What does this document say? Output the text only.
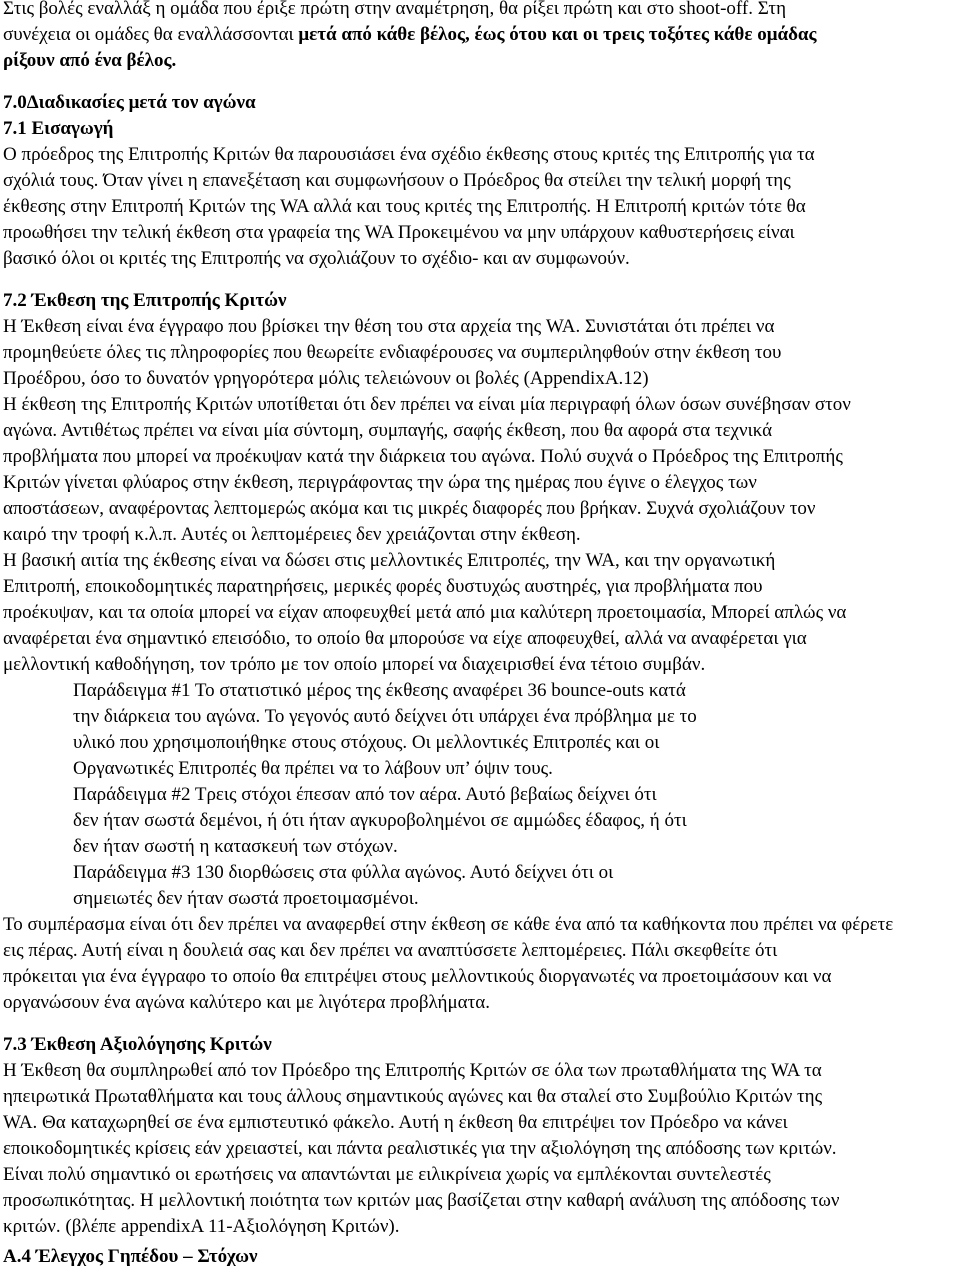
Στις βολές εναλλάξ η ομάδα που έριξε πρώτη στην αναμέτρηση, θα ρίξει πρώτη και στο shoot-off. Στη
συνέχεια οι ομάδες θα εναλλάσσονται μετά από κάθε βέλος, έως ότου και οι τρεις τοξότες κάθε ομάδας
ρίξουν από ένα βέλος.
7.0Διαδικασίες μετά τον αγώνα
7.1 Εισαγωγή
Ο πρόεδρος της Επιτροπής Κριτών θα παρουσιάσει ένα σχέδιο έκθεσης στους κριτές της Επιτροπής για τα
σχόλιά τους. Όταν γίνει η επανεξέταση και συμφωνήσουν ο Πρόεδρος θα στείλει την τελική μορφή της
έκθεσης στην Επιτροπή Κριτών της WA αλλά και τους κριτές της Επιτροπής. Η Επιτροπή κριτών τότε θα
προωθήσει την τελική έκθεση στα γραφεία της WA Προκειμένου να μην υπάρχουν καθυστερήσεις είναι
βασικό όλοι οι κριτές της Επιτροπής να σχολιάζουν το σχέδιο- και αν συμφωνούν.
7.2 Έκθεση της Επιτροπής Κριτών
Η Έκθεση είναι ένα έγγραφο που βρίσκει την θέση του στα αρχεία της WA. Συνιστάται ότι πρέπει να
προμηθεύετε όλες τις πληροφορίες που θεωρείτε ενδιαφέρουσες να συμπεριληφθούν στην έκθεση του
Προέδρου, όσο το δυνατόν γρηγορότερα μόλις τελειώνουν οι βολές (AppendixA.12)
Η έκθεση της Επιτροπής Κριτών υποτίθεται ότι δεν πρέπει να είναι μία περιγραφή όλων όσων συνέβησαν στον
αγώνα. Αντιθέτως πρέπει να είναι μία σύντομη, συμπαγής, σαφής έκθεση, που θα αφορά στα τεχνικά
προβλήματα που μπορεί να προέκυψαν κατά την διάρκεια του αγώνα. Πολύ συχνά ο Πρόεδρος της Επιτροπής
Κριτών γίνεται φλύαρος στην έκθεση, περιγράφοντας την ώρα της ημέρας που έγινε ο έλεγχος των
αποστάσεων, αναφέροντας λεπτομερώς ακόμα και τις μικρές διαφορές που βρήκαν. Συχνά σχολιάζουν τον
καιρό την τροφή κ.λ.π. Αυτές οι λεπτομέρειες δεν χρειάζονται στην έκθεση.
Η βασική αιτία της έκθεσης είναι να δώσει στις μελλοντικές Επιτροπές, την WA, και την οργανωτική
Επιτροπή, εποικοδομητικές παρατηρήσεις, μερικές φορές δυστυχώς αυστηρές, για προβλήματα που
προέκυψαν, και τα οποία μπορεί να είχαν αποφευχθεί μετά από μια καλύτερη προετοιμασία, Μπορεί απλώς να
αναφέρεται ένα σημαντικό επεισόδιο, το οποίο θα μπορούσε να είχε αποφευχθεί, αλλά να αναφέρεται για
μελλοντική καθοδήγηση, τον τρόπο με τον οποίο μπορεί να διαχειρισθεί ένα τέτοιο συμβάν.
Παράδειγμα #1 Το στατιστικό μέρος της έκθεσης αναφέρει 36 bounce-outs κατά
την διάρκεια του αγώνα. Το γεγονός αυτό δείχνει ότι υπάρχει ένα πρόβλημα με το
υλικό που χρησιμοποιήθηκε στους στόχους. Οι μελλοντικές Επιτροπές και οι
Οργανωτικές Επιτροπές θα πρέπει να το λάβουν υπ’ όψιν τους.
Παράδειγμα #2 Τρεις στόχοι έπεσαν από τον αέρα. Αυτό βεβαίως δείχνει ότι
δεν ήταν σωστά δεμένοι, ή ότι ήταν αγκυροβολημένοι σε αμμώδες έδαφος, ή ότι
δεν ήταν σωστή η κατασκευή των στόχων.
Παράδειγμα #3 130 διορθώσεις στα φύλλα αγώνος. Αυτό δείχνει ότι οι
σημειωτές δεν ήταν σωστά προετοιμασμένοι.
Το συμπέρασμα είναι ότι δεν πρέπει να αναφερθεί στην έκθεση σε κάθε ένα από τα καθήκοντα που πρέπει να φέρετε
εις πέρας. Αυτή είναι η δουλειά σας και δεν πρέπει να αναπτύσσετε λεπτομέρειες. Πάλι σκεφθείτε ότι
πρόκειται για ένα έγγραφο το οποίο θα επιτρέψει στους μελλοντικούς διοργανωτές να προετοιμάσουν και να
οργανώσουν ένα αγώνα καλύτερο και με λιγότερα προβλήματα.
7.3 Έκθεση Αξιολόγησης Κριτών
Η Έκθεση θα συμπληρωθεί από τον Πρόεδρο της Επιτροπής Κριτών σε όλα των πρωταθλήματα της WA τα
ηπειρωτικά Πρωταθλήματα και τους άλλους σημαντικούς αγώνες και θα σταλεί στο Συμβούλιο Κριτών της
WA. Θα καταχωρηθεί σε ένα εμπιστευτικό φάκελο. Αυτή η έκθεση θα επιτρέψει τον Πρόεδρο να κάνει
εποικοδομητικές κρίσεις εάν χρειαστεί, και πάντα ρεαλιστικές για την αξιολόγηση της απόδοσης των κριτών.
Είναι πολύ σημαντικό οι ερωτήσεις να απαντώνται με ειλικρίνεια χωρίς να εμπλέκονται συντελεστές
προσωπικότητας. Η μελλοντική ποιότητα των κριτών μας βασίζεται στην καθαρή ανάλυση της απόδοσης των
κριτών. (βλέπε appendixA 11-Αξιολόγηση Κριτών).
Α.4 Έλεγχος Γηπέδου – Στόχων
